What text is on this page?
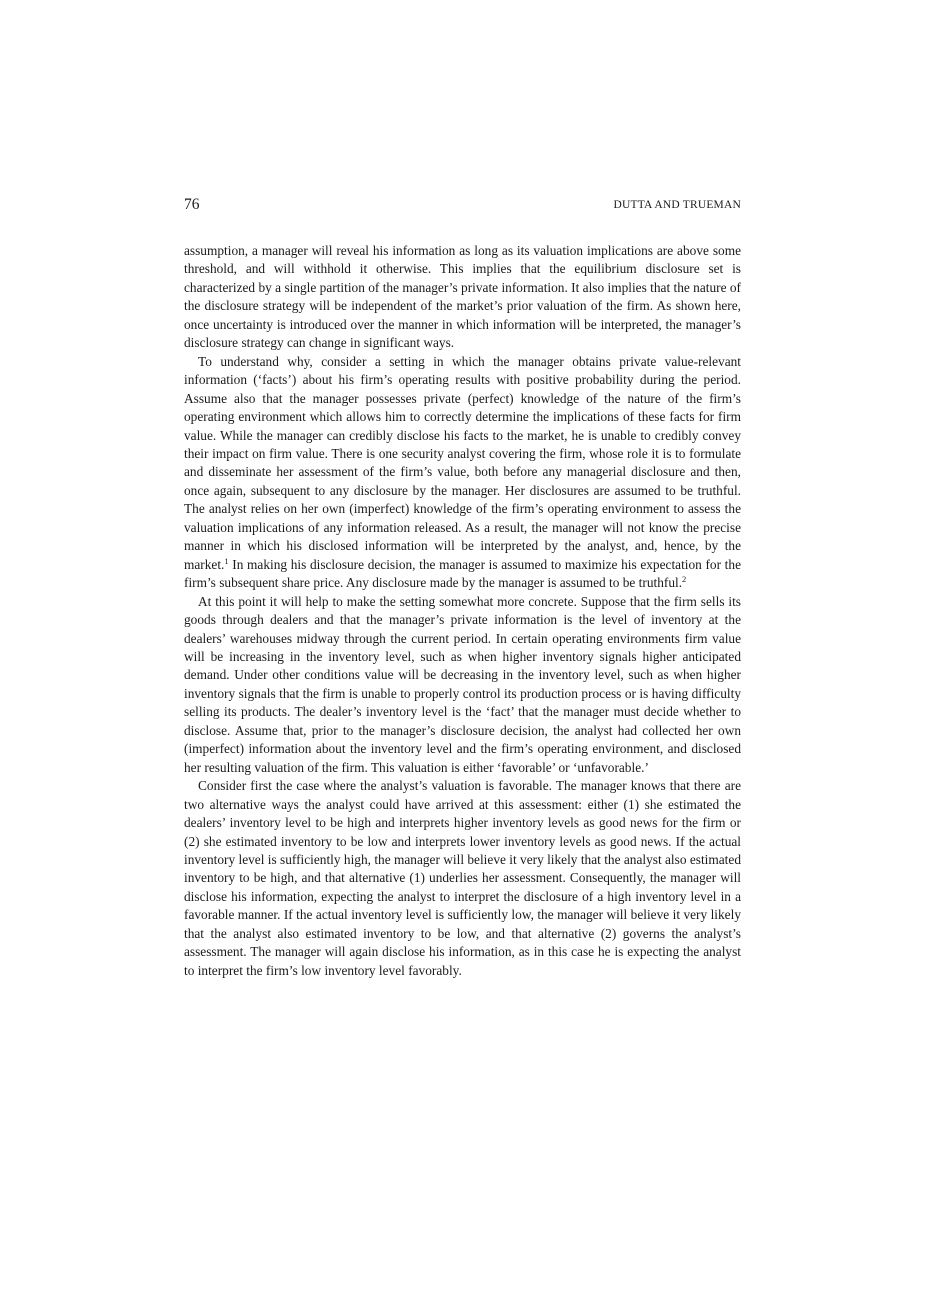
76	DUTTA AND TRUEMAN

assumption, a manager will reveal his information as long as its valuation implications are above some threshold, and will withhold it otherwise. This implies that the equilibrium disclosure set is characterized by a single partition of the manager’s private information. It also implies that the nature of the disclosure strategy will be independent of the market’s prior valuation of the firm. As shown here, once uncertainty is introduced over the manner in which information will be interpreted, the manager’s disclosure strategy can change in significant ways.

To understand why, consider a setting in which the manager obtains private value-relevant information (‘facts’) about his firm’s operating results with positive probability during the period. Assume also that the manager possesses private (perfect) knowledge of the nature of the firm’s operating environment which allows him to correctly determine the implications of these facts for firm value. While the manager can credibly disclose his facts to the market, he is unable to credibly convey their impact on firm value. There is one security analyst covering the firm, whose role it is to formulate and disseminate her assessment of the firm’s value, both before any managerial disclosure and then, once again, subsequent to any disclosure by the manager. Her disclosures are assumed to be truthful. The analyst relies on her own (imperfect) knowledge of the firm’s operating environment to assess the valuation implications of any information released. As a result, the manager will not know the precise manner in which his disclosed information will be interpreted by the analyst, and, hence, by the market.$^1$ In making his disclosure decision, the manager is assumed to maximize his expectation for the firm’s subsequent share price. Any disclosure made by the manager is assumed to be truthful.$^2$

At this point it will help to make the setting somewhat more concrete. Suppose that the firm sells its goods through dealers and that the manager’s private information is the level of inventory at the dealers’ warehouses midway through the current period. In certain operating environments firm value will be increasing in the inventory level, such as when higher inventory signals higher anticipated demand. Under other conditions value will be decreasing in the inventory level, such as when higher inventory signals that the firm is unable to properly control its production process or is having difficulty selling its products. The dealer’s inventory level is the ‘fact’ that the manager must decide whether to disclose. Assume that, prior to the manager’s disclosure decision, the analyst had collected her own (imperfect) information about the inventory level and the firm’s operating environment, and disclosed her resulting valuation of the firm. This valuation is either ‘favorable’ or ‘unfavorable.’

Consider first the case where the analyst’s valuation is favorable. The manager knows that there are two alternative ways the analyst could have arrived at this assessment: either (1) she estimated the dealers’ inventory level to be high and interprets higher inventory levels as good news for the firm or (2) she estimated inventory to be low and interprets lower inventory levels as good news. If the actual inventory level is sufficiently high, the manager will believe it very likely that the analyst also estimated inventory to be high, and that alternative (1) underlies her assessment. Consequently, the manager will disclose his information, expecting the analyst to interpret the disclosure of a high inventory level in a favorable manner. If the actual inventory level is sufficiently low, the manager will believe it very likely that the analyst also estimated inventory to be low, and that alternative (2) governs the analyst’s assessment. The manager will again disclose his information, as in this case he is expecting the analyst to interpret the firm’s low inventory level favorably.
